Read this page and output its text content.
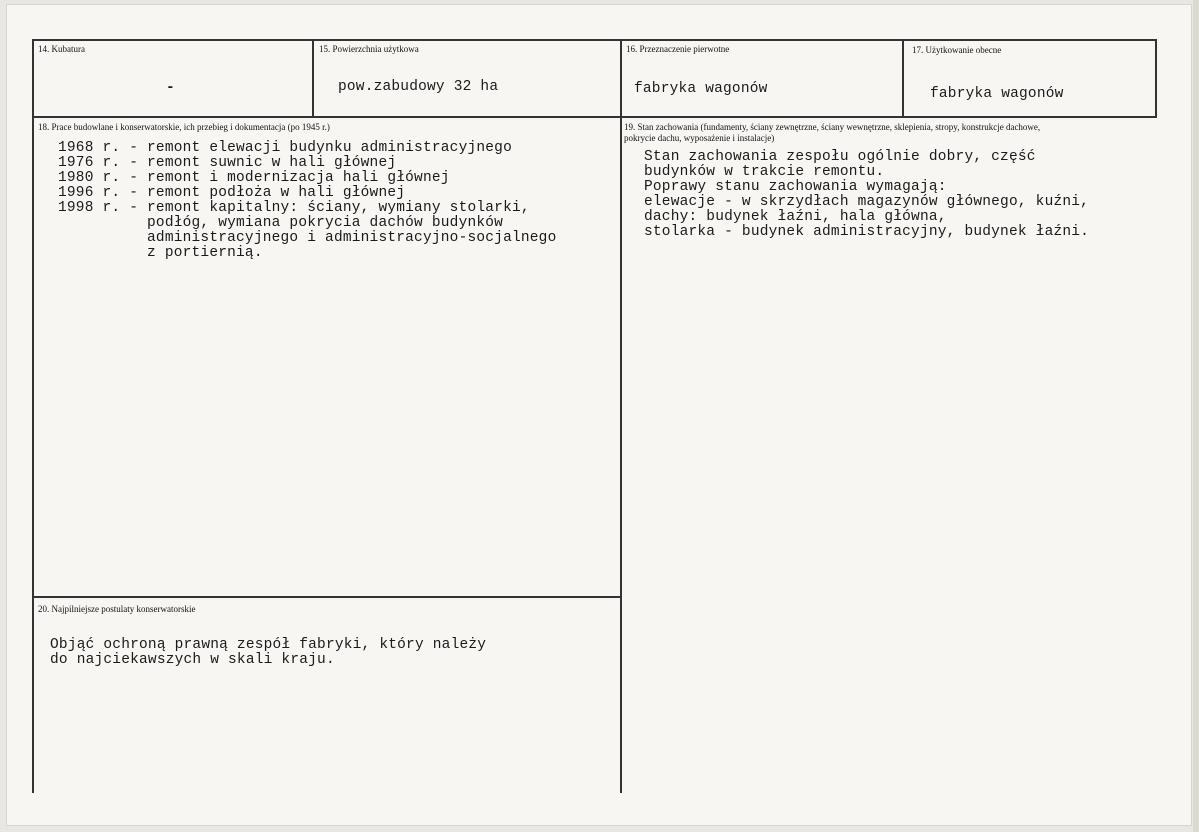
14. Kubatura
-
15. Powierzchnia użytkowa
pow.zabudowy 32 ha
16. Przeznaczenie pierwotne
fabryka wagonów
17. Użytkowanie obecne
fabryka wagonów
18. Prace budowlane i konserwatorskie, ich przebieg i dokumentacja (po 1945 r.)
1968 r. - remont elewacji budynku administracyjnego
1976 r. - remont suwnic w hali głównej
1980 r. - remont i modernizacja hali głównej
1996 r. - remont podłoża w hali głównej
1998 r. - remont kapitalny: ściany, wymiany stolarki,
podłóg, wymiana pokrycia dachów budynków
administracyjnego i administracyjno-socjalnego
z portiernią.
19. Stan zachowania (fundamenty, ściany zewnętrzne, ściany wewnętrzne, sklepienia, stropy, konstrukcje dachowe,
pokrycie dachu, wyposażenie i instalacje)
Stan zachowania zespołu ogólnie dobry, część
budynków w trakcie remontu.
Poprawy stanu zachowania wymagają:
elewacje - w skrzydłach magazynów głównego, kuźni,
dachy: budynek łaźni, hala główna,
stolarka - budynek administracyjny, budynek łaźni.
20. Najpilniejsze postulaty konserwatorskie
Objąć ochroną prawną zespół fabryki, który należy
do najciekawszych w skali kraju.
